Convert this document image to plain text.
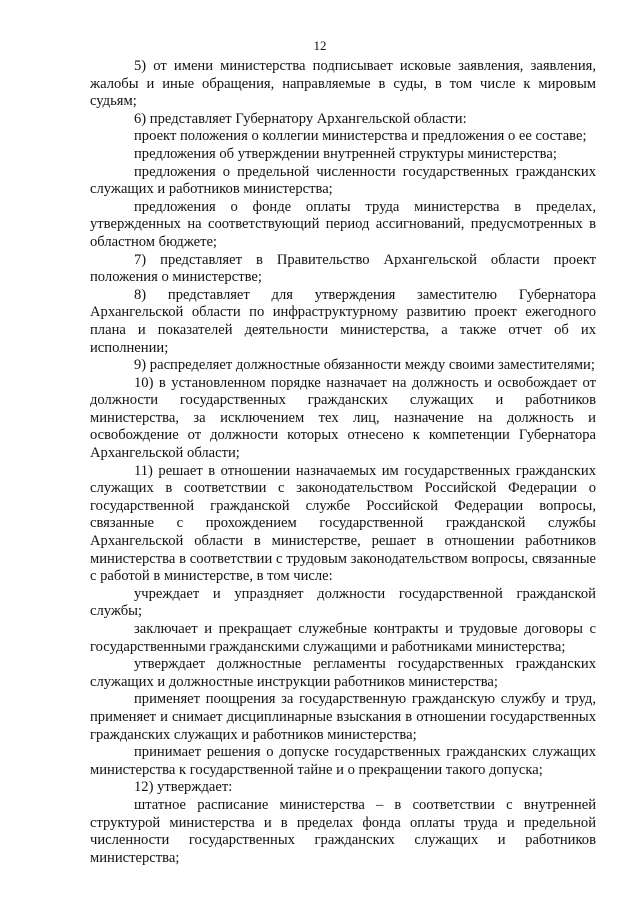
12

5) от имени министерства подписывает исковые заявления, заявления, жалобы и иные обращения, направляемые в суды, в том числе к мировым судьям;

6) представляет Губернатору Архангельской области:

проект положения о коллегии министерства и предложения о ее составе;

предложения об утверждении внутренней структуры министерства;

предложения о предельной численности государственных гражданских служащих и работников министерства;

предложения о фонде оплаты труда министерства в пределах, утвержденных на соответствующий период ассигнований, предусмотренных в областном бюджете;

7) представляет в Правительство Архангельской области проект положения о министерстве;

8) представляет для утверждения заместителю Губернатора Архангельской области по инфраструктурному развитию проект ежегодного плана и показателей деятельности министерства, а также отчет об их исполнении;

9) распределяет должностные обязанности между своими заместителями;

10) в установленном порядке назначает на должность и освобождает от должности государственных гражданских служащих и работников министерства, за исключением тех лиц, назначение на должность и освобождение от должности которых отнесено к компетенции Губернатора Архангельской области;

11) решает в отношении назначаемых им государственных гражданских служащих в соответствии с законодательством Российской Федерации о государственной гражданской службе Российской Федерации вопросы, связанные с прохождением государственной гражданской службы Архангельской области в министерстве, решает в отношении работников министерства в соответствии с трудовым законодательством вопросы, связанные с работой в министерстве, в том числе:

учреждает и упраздняет должности государственной гражданской службы;

заключает и прекращает служебные контракты и трудовые договоры с государственными гражданскими служащими и работниками министерства;

утверждает должностные регламенты государственных гражданских служащих и должностные инструкции работников министерства;

применяет поощрения за государственную гражданскую службу и труд, применяет и снимает дисциплинарные взыскания в отношении государственных гражданских служащих и работников министерства;

принимает решения о допуске государственных гражданских служащих министерства к государственной тайне и о прекращении такого допуска;

12) утверждает:

штатное расписание министерства – в соответствии с внутренней структурой министерства и в пределах фонда оплаты труда и предельной численности государственных гражданских служащих и работников министерства;
